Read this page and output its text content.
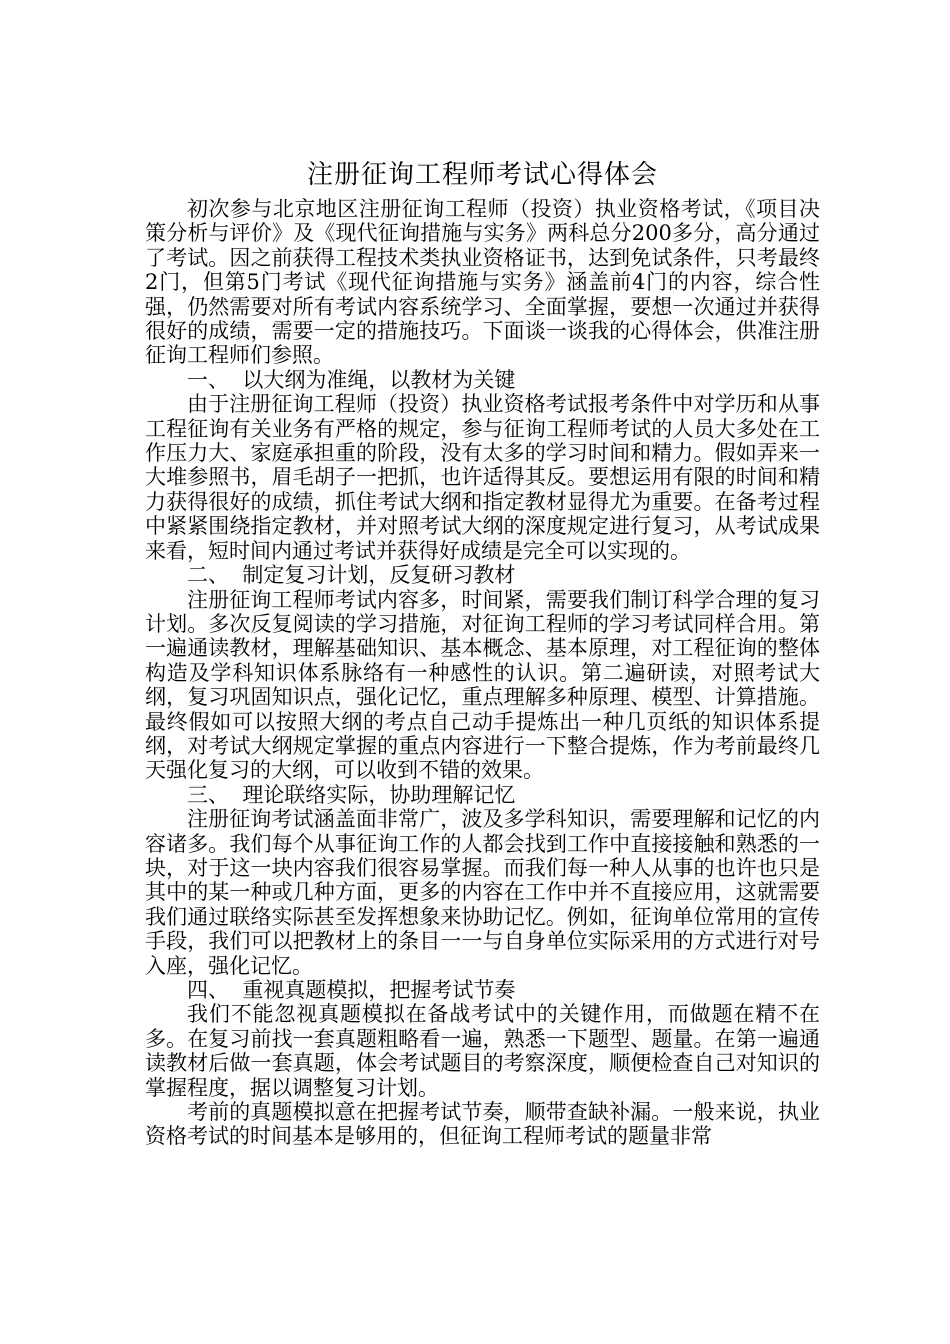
注册征询工程师考试心得体会

初次参与北京地区注册征询工程师（投资）执业资格考试，《项目决策分析与评价》及《现代征询措施与实务》两科总分200多分，高分通过了考试。因之前获得工程技术类执业资格证书，达到免试条件，只考最终2门，但第5门考试《现代征询措施与实务》涵盖前4门的内容，综合性强，仍然需要对所有考试内容系统学习、全面掌握，要想一次通过并获得很好的成绩，需要一定的措施技巧。下面谈一谈我的心得体会，供准注册征询工程师们参照。

一、  以大纲为准绳，以教材为关键

由于注册征询工程师（投资）执业资格考试报考条件中对学历和从事工程征询有关业务有严格的规定，参与征询工程师考试的人员大多处在工作压力大、家庭承担重的阶段，没有太多的学习时间和精力。假如弄来一大堆参照书，眉毛胡子一把抓，也许适得其反。要想运用有限的时间和精力获得很好的成绩，抓住考试大纲和指定教材显得尤为重要。在备考过程中紧紧围绕指定教材，并对照考试大纲的深度规定进行复习，从考试成果来看，短时间内通过考试并获得好成绩是完全可以实现的。

二、  制定复习计划，反复研习教材

注册征询工程师考试内容多，时间紧，需要我们制订科学合理的复习计划。多次反复阅读的学习措施，对征询工程师的学习考试同样合用。第一遍通读教材，理解基础知识、基本概念、基本原理，对工程征询的整体构造及学科知识体系脉络有一种感性的认识。第二遍研读，对照考试大纲，复习巩固知识点，强化记忆，重点理解多种原理、模型、计算措施。最终假如可以按照大纲的考点自己动手提炼出一种几页纸的知识体系提纲，对考试大纲规定掌握的重点内容进行一下整合提炼，作为考前最终几天强化复习的大纲，可以收到不错的效果。

三、  理论联络实际，协助理解记忆

注册征询考试涵盖面非常广，波及多学科知识，需要理解和记忆的内容诸多。我们每个从事征询工作的人都会找到工作中直接接触和熟悉的一块，对于这一块内容我们很容易掌握。而我们每一种人从事的也许也只是其中的某一种或几种方面，更多的内容在工作中并不直接应用，这就需要我们通过联络实际甚至发挥想象来协助记忆。例如，征询单位常用的宣传手段，我们可以把教材上的条目一一与自身单位实际采用的方式进行对号入座，强化记忆。

四、  重视真题模拟，把握考试节奏

我们不能忽视真题模拟在备战考试中的关键作用，而做题在精不在多。在复习前找一套真题粗略看一遍，熟悉一下题型、题量。在第一遍通读教材后做一套真题，体会考试题目的考察深度，顺便检查自己对知识的掌握程度，据以调整复习计划。

考前的真题模拟意在把握考试节奏，顺带查缺补漏。一般来说，执业资格考试的时间基本是够用的，但征询工程师考试的题量非常
